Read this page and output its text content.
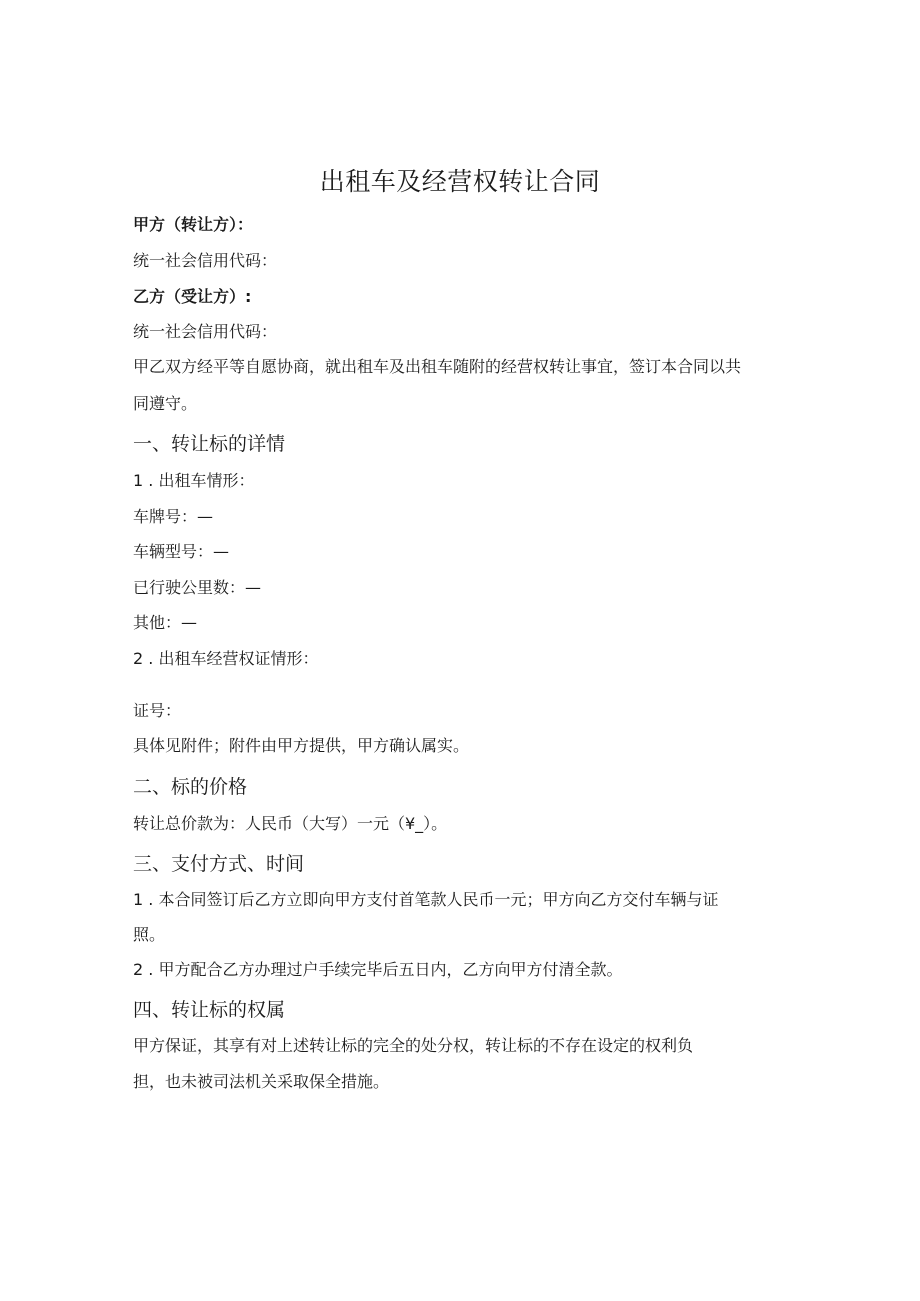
出租车及经营权转让合同
甲方（转让方）：
统一社会信用代码：
乙方（受让方）:
统一社会信用代码：
甲乙双方经平等自愿协商，就出租车及出租车随附的经营权转让事宜，签订本合同以共
同遵守。
一、转让标的详情
1 . 出租车情形：
车牌号：—
车辆型号：—
已行驶公里数：—
其他：—
2 . 出租车经营权证情形：
证号：
具体见附件；附件由甲方提供，甲方确认属实。
二、标的价格
转让总价款为：人民币（大写）一元（¥_）。
三、支付方式、时间
1 . 本合同签订后乙方立即向甲方支付首笔款人民币一元；甲方向乙方交付车辆与证
照。
2 . 甲方配合乙方办理过户手续完毕后五日内，乙方向甲方付清全款。
四、转让标的权属
甲方保证，其享有对上述转让标的完全的处分权，转让标的不存在设定的权利负
担，也未被司法机关采取保全措施。
